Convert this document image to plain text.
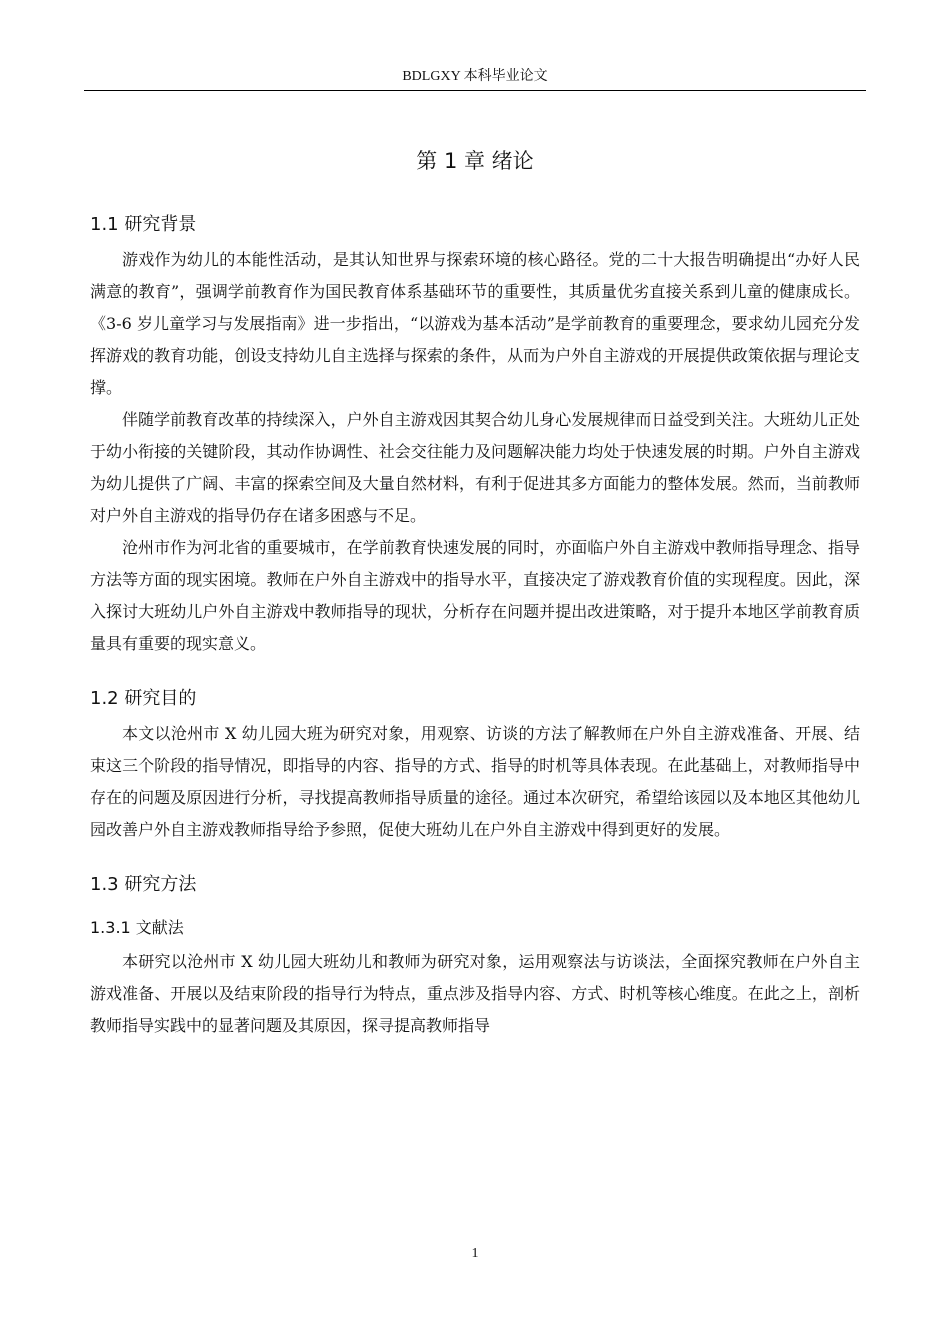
BDLGXY 本科毕业论文
第 1 章 绪论
1.1 研究背景

游戏作为幼儿的本能性活动，是其认知世界与探索环境的核心路径。党的二十大报告明确提出“办好人民满意的教育”，强调学前教育作为国民教育体系基础环节的重要性，其质量优劣直接关系到儿童的健康成长。《3-6 岁儿童学习与发展指南》进一步指出，“以游戏为基本活动”是学前教育的重要理念，要求幼儿园充分发挥游戏的教育功能，创设支持幼儿自主选择与探索的条件，从而为户外自主游戏的开展提供政策依据与理论支撑。

伴随学前教育改革的持续深入，户外自主游戏因其契合幼儿身心发展规律而日益受到关注。大班幼儿正处于幼小衔接的关键阶段，其动作协调性、社会交往能力及问题解决能力均处于快速发展的时期。户外自主游戏为幼儿提供了广阔、丰富的探索空间及大量自然材料，有利于促进其多方面能力的整体发展。然而，当前教师对户外自主游戏的指导仍存在诸多困惑与不足。

沧州市作为河北省的重要城市，在学前教育快速发展的同时，亦面临户外自主游戏中教师指导理念、指导方法等方面的现实困境。教师在户外自主游戏中的指导水平，直接决定了游戏教育价值的实现程度。因此，深入探讨大班幼儿户外自主游戏中教师指导的现状，分析存在问题并提出改进策略，对于提升本地区学前教育质量具有重要的现实意义。

1.2 研究目的

本文以沧州市 X 幼儿园大班为研究对象，用观察、访谈的方法了解教师在户外自主游戏准备、开展、结束这三个阶段的指导情况，即指导的内容、指导的方式、指导的时机等具体表现。在此基础上，对教师指导中存在的问题及原因进行分析，寻找提高教师指导质量的途径。通过本次研究，希望给该园以及本地区其他幼儿园改善户外自主游戏教师指导给予参照，促使大班幼儿在户外自主游戏中得到更好的发展。

1.3 研究方法
1.3.1 文献法

本研究以沧州市 X 幼儿园大班幼儿和教师为研究对象，运用观察法与访谈法，全面探究教师在户外自主游戏准备、开展以及结束阶段的指导行为特点，重点涉及指导内容、方式、时机等核心维度。在此之上，剖析教师指导实践中的显著问题及其原因，探寻提高教师指导

1
